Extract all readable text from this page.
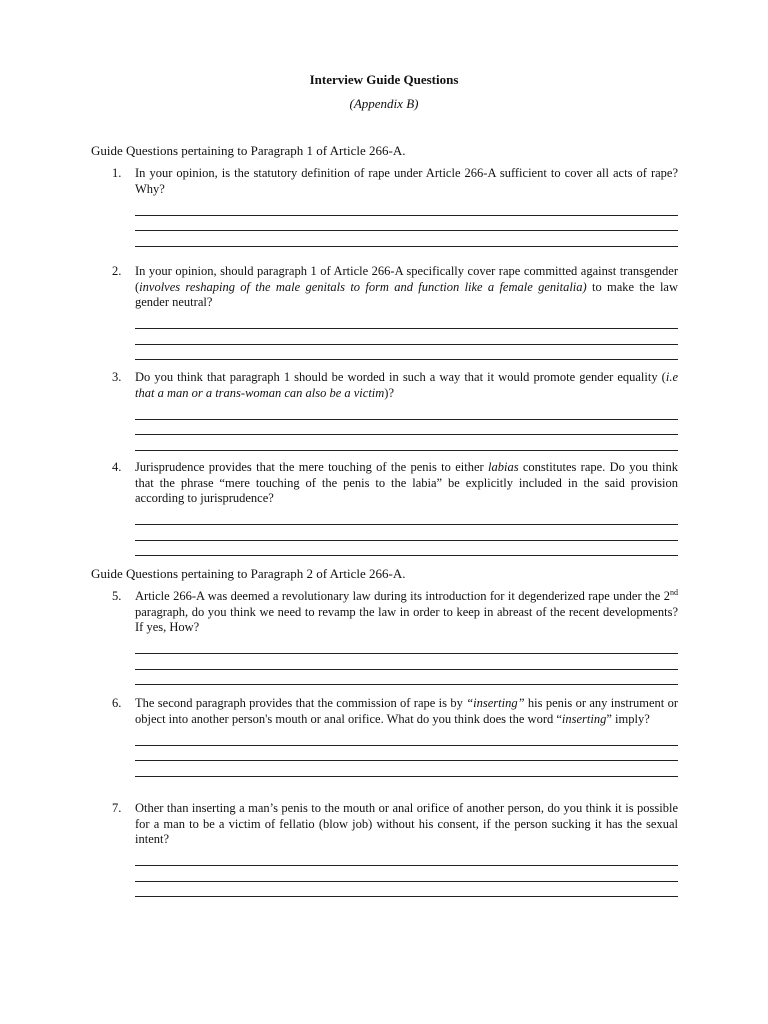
Interview Guide Questions
(Appendix B)
Guide Questions pertaining to Paragraph 1 of Article 266-A.
1. In your opinion, is the statutory definition of rape under Article 266-A sufficient to cover all acts of rape? Why?
2. In your opinion, should paragraph 1 of Article 266-A specifically cover rape committed against transgender (involves reshaping of the male genitals to form and function like a female genitalia) to make the law gender neutral?
3. Do you think that paragraph 1 should be worded in such a way that it would promote gender equality (i.e that a man or a trans-woman can also be a victim)?
4. Jurisprudence provides that the mere touching of the penis to either labias constitutes rape. Do you think that the phrase “mere touching of the penis to the labia” be explicitly included in the said provision according to jurisprudence?
Guide Questions pertaining to Paragraph 2 of Article 266-A.
5. Article 266-A was deemed a revolutionary law during its introduction for it degenderized rape under the 2nd paragraph, do you think we need to revamp the law in order to keep in abreast of the recent developments? If yes, How?
6. The second paragraph provides that the commission of rape is by “inserting” his penis or any instrument or object into another person's mouth or anal orifice. What do you think does the word “inserting” imply?
7. Other than inserting a man’s penis to the mouth or anal orifice of another person, do you think it is possible for a man to be a victim of fellatio (blow job) without his consent, if the person sucking it has the sexual intent?
